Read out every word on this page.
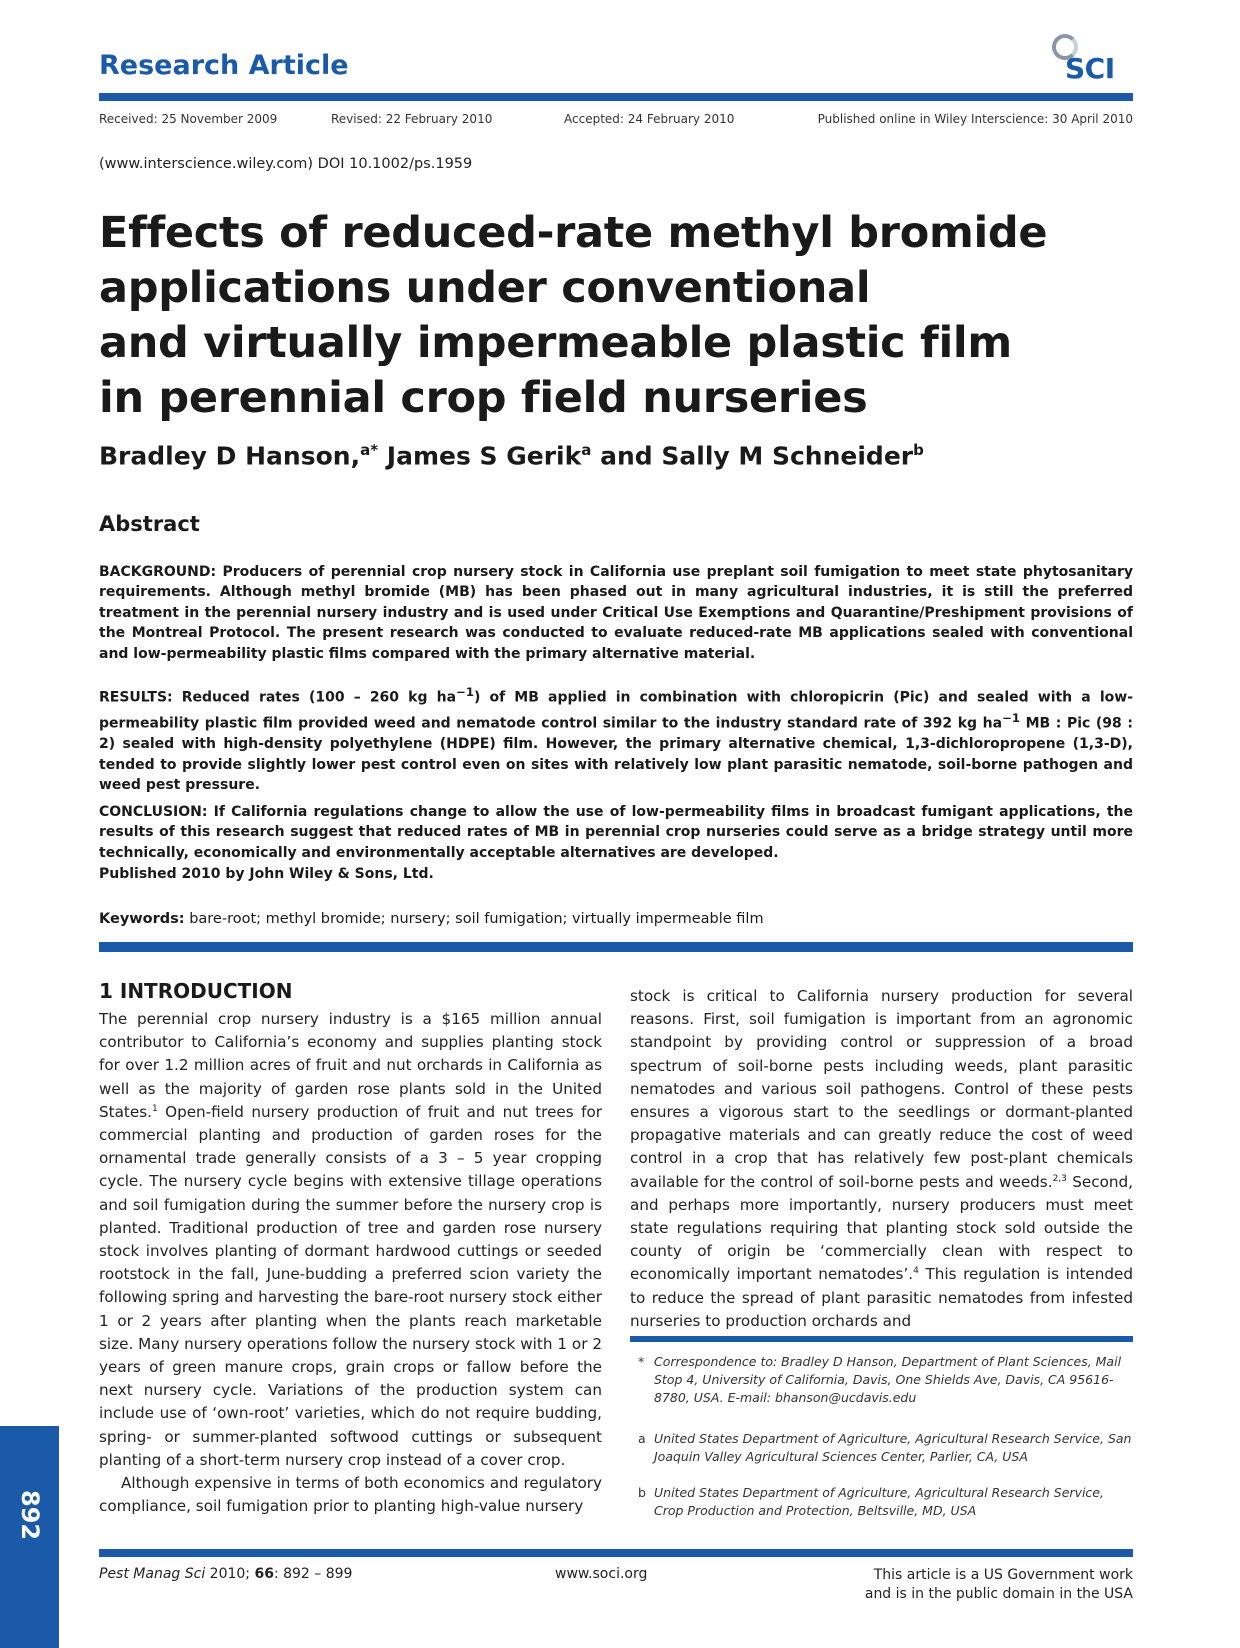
Research Article	SCI
Received: 25 November 2009	Revised: 22 February 2010	Accepted: 24 February 2010	Published online in Wiley Interscience: 30 April 2010
(www.interscience.wiley.com) DOI 10.1002/ps.1959
Effects of reduced-rate methyl bromide
applications under conventional
and virtually impermeable plastic film
in perennial crop field nurseries
Bradley D Hanson,$^{a*}$ James S Gerik$^a$ and Sally M Schneider$^b$
Abstract

BACKGROUND: Producers of perennial crop nursery stock in California use preplant soil fumigation to meet state phytosanitary requirements. Although methyl bromide (MB) has been phased out in many agricultural industries, it is still the preferred treatment in the perennial nursery industry and is used under Critical Use Exemptions and Quarantine/Preshipment provisions of the Montreal Protocol. The present research was conducted to evaluate reduced-rate MB applications sealed with conventional and low-permeability plastic films compared with the primary alternative material.

RESULTS: Reduced rates (100 – 260 kg $ha^{-1}$) of MB applied in combination with chloropicrin (Pic) and sealed with a low-permeability plastic film provided weed and nematode control similar to the industry standard rate of 392 kg $ha^{-1}$ MB : Pic (98 : 2) sealed with high-density polyethylene (HDPE) film. However, the primary alternative chemical, 1,3-dichloropropene (1,3-D), tended to provide slightly lower pest control even on sites with relatively low plant parasitic nematode, soil-borne pathogen and weed pest pressure.

CONCLUSION: If California regulations change to allow the use of low-permeability films in broadcast fumigant applications, the results of this research suggest that reduced rates of MB in perennial crop nurseries could serve as a bridge strategy until more technically, economically and environmentally acceptable alternatives are developed.

Published 2010 by John Wiley & Sons, Ltd.

Keywords: bare-root; methyl bromide; nursery; soil fumigation; virtually impermeable film
1 INTRODUCTION

The perennial crop nursery industry is a $165 million annual contributor to California’s economy and supplies planting stock for over 1.2 million acres of fruit and nut orchards in California as well as the majority of garden rose plants sold in the United States.$^1$ Open-field nursery production of fruit and nut trees for commercial planting and production of garden roses for the ornamental trade generally consists of a 3 – 5 year cropping cycle. The nursery cycle begins with extensive tillage operations and soil fumigation during the summer before the nursery crop is planted. Traditional production of tree and garden rose nursery stock involves planting of dormant hardwood cuttings or seeded rootstock in the fall, June-budding a preferred scion variety the following spring and harvesting the bare-root nursery stock either 1 or 2 years after planting when the plants reach marketable size. Many nursery operations follow the nursery stock with 1 or 2 years of green manure crops, grain crops or fallow before the next nursery cycle. Variations of the production system can include use of ‘own-root’ varieties, which do not require budding, spring- or summer-planted softwood cuttings or subsequent planting of a short-term nursery crop instead of a cover crop.

Although expensive in terms of both economics and regulatory compliance, soil fumigation prior to planting high-value nursery

stock is critical to California nursery production for several reasons. First, soil fumigation is important from an agronomic standpoint by providing control or suppression of a broad spectrum of soil-borne pests including weeds, plant parasitic nematodes and various soil pathogens. Control of these pests ensures a vigorous start to the seedlings or dormant-planted propagative materials and can greatly reduce the cost of weed control in a crop that has relatively few post-plant chemicals available for the control of soil-borne pests and weeds.$^{2,3}$ Second, and perhaps more importantly, nursery producers must meet state regulations requiring that planting stock sold outside the county of origin be ‘commercially clean with respect to economically important nematodes’.$^4$ This regulation is intended to reduce the spread of plant parasitic nematodes from infested nurseries to production orchards and

* Correspondence to: Bradley D Hanson, Department of Plant Sciences, Mail Stop 4, University of California, Davis, One Shields Ave, Davis, CA 95616-8780, USA. E-mail: bhanson@ucdavis.edu
a United States Department of Agriculture, Agricultural Research Service, San Joaquin Valley Agricultural Sciences Center, Parlier, CA, USA
b United States Department of Agriculture, Agricultural Research Service, Crop Production and Protection, Beltsville, MD, USA
892
Pest Manag Sci 2010; 66: 892 – 899	www.soci.org	This article is a US Government work
and is in the public domain in the USA
